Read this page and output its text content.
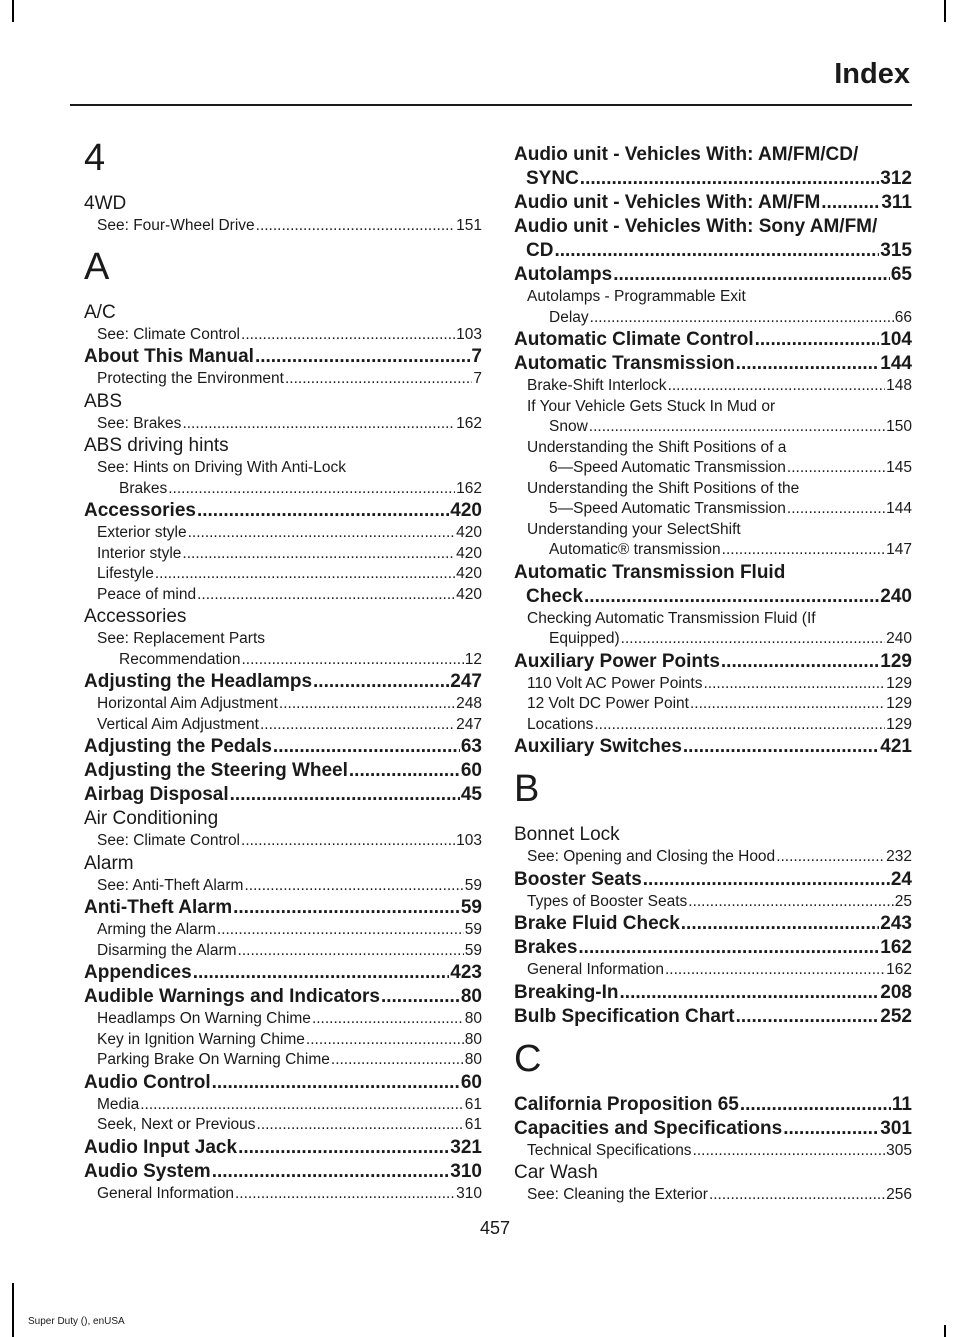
Index
4
4WD
See: Four-Wheel Drive .....	151
A
A/C
See: Climate Control .....	103
About This Manual .....	7
Protecting the Environment .....	7
ABS
See: Brakes .....	162
ABS driving hints
See: Hints on Driving With Anti-Lock
Brakes .....	162
Accessories .....	420
Exterior style .....	420
Interior style .....	420
Lifestyle .....	420
Peace of mind .....	420
Accessories
See: Replacement Parts
Recommendation .....	12
Adjusting the Headlamps .....	247
Horizontal Aim Adjustment .....	248
Vertical Aim Adjustment .....	247
Adjusting the Pedals .....	63
Adjusting the Steering Wheel .....	60
Airbag Disposal .....	45
Air Conditioning
See: Climate Control .....	103
Alarm
See: Anti-Theft Alarm .....	59
Anti-Theft Alarm .....	59
Arming the Alarm .....	59
Disarming the Alarm .....	59
Appendices .....	423
Audible Warnings and Indicators .....	80
Headlamps On Warning Chime .....	80
Key in Ignition Warning Chime .....	80
Parking Brake On Warning Chime .....	80
Audio Control .....	60
Media .....	61
Seek, Next or Previous .....	61
Audio Input Jack .....	321
Audio System .....	310
General Information .....	310
Audio unit - Vehicles With: AM/FM/CD/
SYNC .....	312
Audio unit - Vehicles With: AM/FM .....	311
Audio unit - Vehicles With: Sony AM/FM/
CD .....	315
Autolamps .....	65
Autolamps - Programmable Exit
Delay .....	66
Automatic Climate Control .....	104
Automatic Transmission .....	144
Brake-Shift Interlock .....	148
If Your Vehicle Gets Stuck In Mud or
Snow .....	150
Understanding the Shift Positions of a
6—Speed Automatic Transmission .....	145
Understanding the Shift Positions of the
5—Speed Automatic Transmission .....	144
Understanding your SelectShift
Automatic® transmission .....	147
Automatic Transmission Fluid
Check .....	240
Checking Automatic Transmission Fluid (If
Equipped) .....	240
Auxiliary Power Points .....	129
110 Volt AC Power Points .....	129
12 Volt DC Power Point .....	129
Locations .....	129
Auxiliary Switches .....	421
B
Bonnet Lock
See: Opening and Closing the Hood .....	232
Booster Seats .....	24
Types of Booster Seats .....	25
Brake Fluid Check .....	243
Brakes .....	162
General Information .....	162
Breaking-In .....	208
Bulb Specification Chart .....	252
C
California Proposition 65 .....	11
Capacities and Specifications .....	301
Technical Specifications .....	305
Car Wash
See: Cleaning the Exterior .....	256
457
Super Duty (), enUSA
